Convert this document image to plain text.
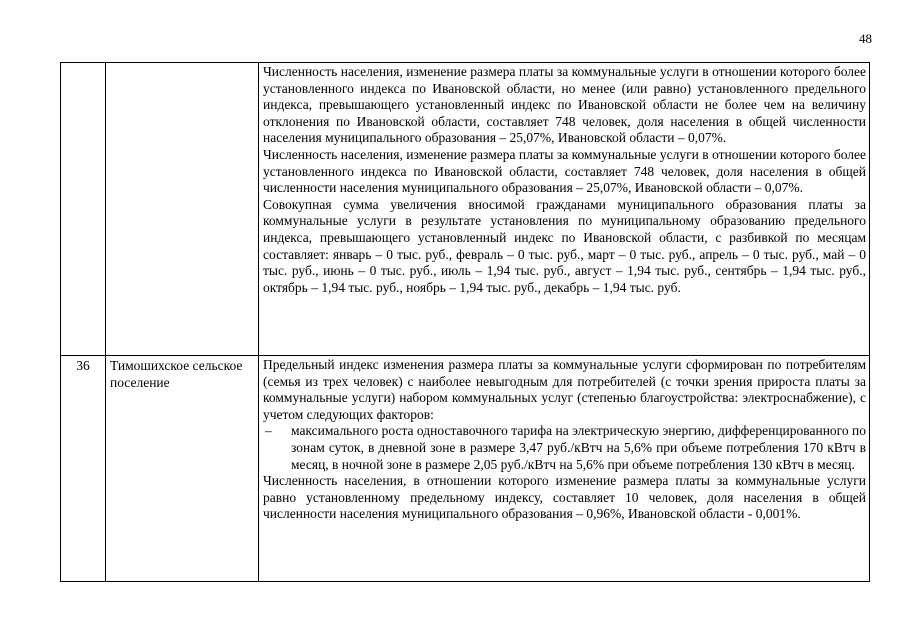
48

		Численность населения, изменение размера платы за коммунальные услуги в отношении которого более установленного индекса по Ивановской области, но менее (или равно) установленного предельного индекса, превышающего установленный индекс по Ивановской области не более чем на величину отклонения по Ивановской области, составляет 748 человек, доля населения в общей численности населения муниципального образования – 25,07%, Ивановской области – 0,07%.

Численность населения, изменение размера платы за коммунальные услуги в отношении которого более установленного индекса по Ивановской области, составляет 748 человек, доля населения в общей численности населения муниципального образования – 25,07%, Ивановской области – 0,07%.

Совокупная сумма увеличения вносимой гражданами муниципального образования платы за коммунальные услуги в результате установления по муниципальному образованию предельного индекса, превышающего установленный индекс по Ивановской области, с разбивкой по месяцам составляет: январь – 0 тыс. руб., февраль – 0 тыс. руб., март – 0 тыс. руб., апрель – 0 тыс. руб., май – 0 тыс. руб., июнь – 0 тыс. руб., июль – 1,94 тыс. руб., август – 1,94 тыс. руб., сентябрь – 1,94 тыс. руб., октябрь – 1,94 тыс. руб., ноябрь – 1,94 тыс. руб., декабрь – 1,94 тыс. руб.

36	Тимошихское сельское поселение	Предельный индекс изменения размера платы за коммунальные услуги сформирован по потребителям (семья из трех человек) с наиболее невыгодным для потребителей (с точки зрения прироста платы за коммунальные услуги) набором коммунальных услуг (степенью благоустройства: электроснабжение), с учетом следующих факторов:

– максимального роста одноставочного тарифа на электрическую энергию, дифференцированного по зонам суток, в дневной зоне в размере 3,47 руб./кВтч на 5,6% при объеме потребления 170 кВтч в месяц, в ночной зоне в размере 2,05 руб./кВтч на 5,6% при объеме потребления 130 кВтч в месяц.

Численность населения, в отношении которого изменение размера платы за коммунальные услуги равно установленному предельному индексу, составляет 10 человек, доля населения в общей численности населения муниципального образования – 0,96%, Ивановской области - 0,001%.
